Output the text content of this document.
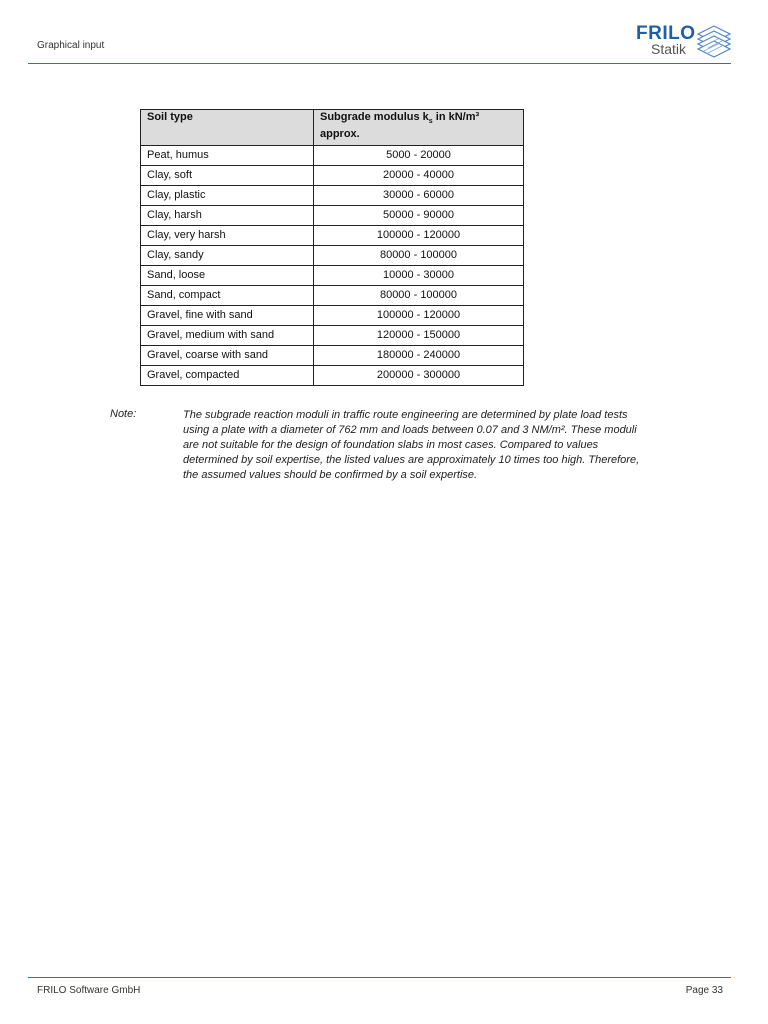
Graphical input
FRILO
Statik
Soil type	Subgrade modulus $k_s$ in kN/m³
approx.
Peat, humus	5000 - 20000
Clay, soft	20000 - 40000
Clay, plastic	30000 - 60000
Clay, harsh	50000 - 90000
Clay, very harsh	100000 - 120000
Clay, sandy	80000 - 100000
Sand, loose	10000 - 30000
Sand, compact	80000 - 100000
Gravel, fine with sand	100000 - 120000
Gravel, medium with sand	120000 - 150000
Gravel, coarse with sand	180000 - 240000
Gravel, compacted	200000 - 300000
Note:	The subgrade reaction moduli in traffic route engineering are determined by plate load tests using a plate with a diameter of 762 mm and loads between 0.07 and 3 NM/m². These moduli are not suitable for the design of foundation slabs in most cases. Compared to values determined by soil expertise, the listed values are approximately 10 times too high. Therefore, the assumed values should be confirmed by a soil expertise.
FRILO Software GmbH	Page 33
